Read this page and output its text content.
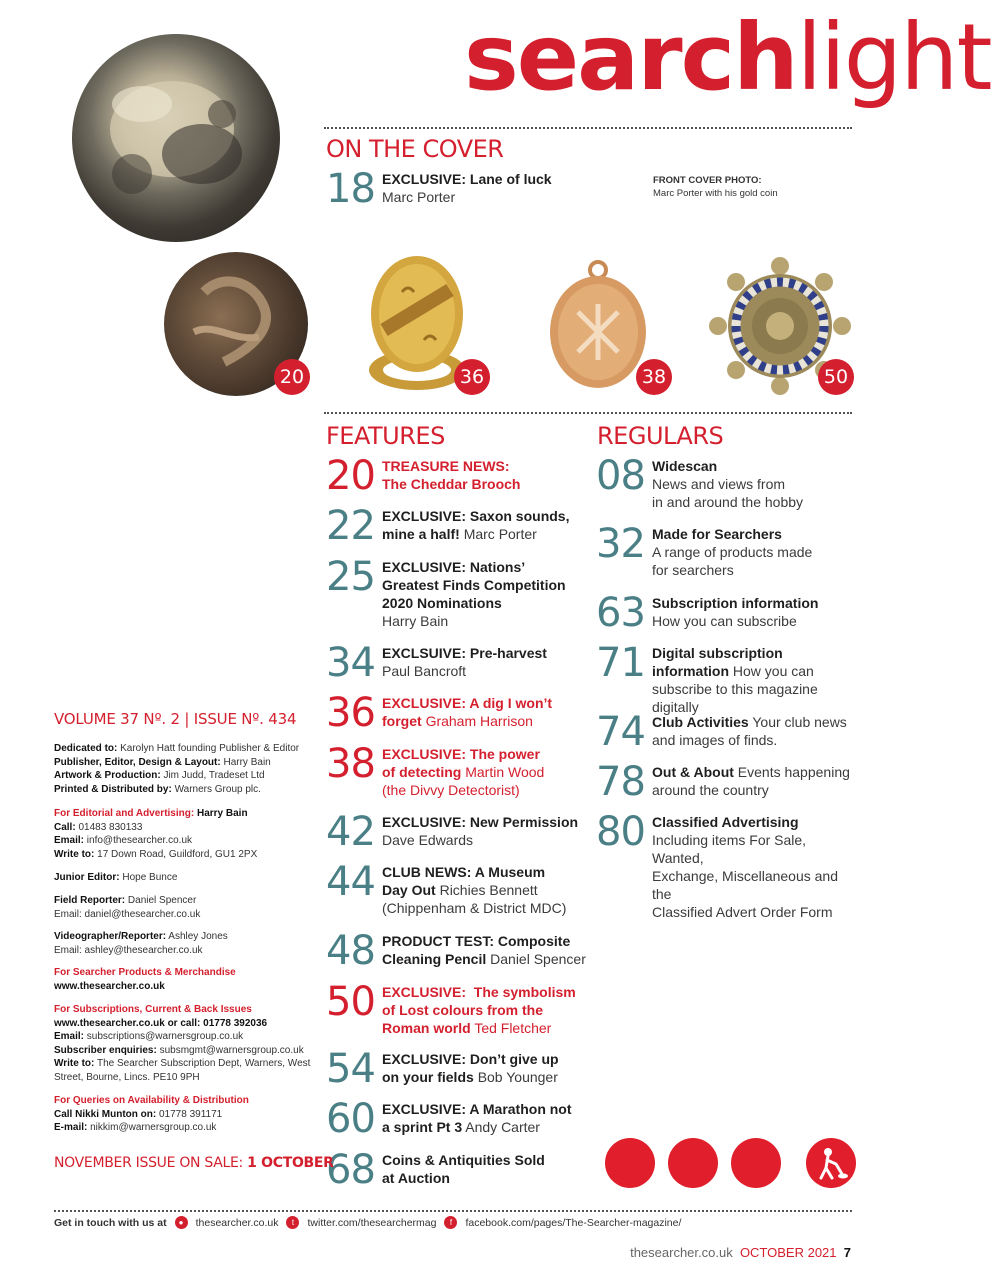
searchlight
ON THE COVER
18 EXCLUSIVE: Lane of luck
Marc Porter
FRONT COVER PHOTO:
Marc Porter with his gold coin
20	36	38	50
FEATURES
20 TREASURE NEWS:
The Cheddar Brooch
22 EXCLUSIVE: Saxon sounds,
mine a half! Marc Porter
25 EXCLUSIVE: Nations’
Greatest Finds Competition
2020 Nominations
Harry Bain
34 EXCLSUIVE: Pre-harvest
Paul Bancroft
36 EXCLUSIVE: A dig I won’t
forget Graham Harrison
38 EXCLUSIVE: The power
of detecting Martin Wood
(the Divvy Detectorist)
42 EXCLUSIVE: New Permission
Dave Edwards
44 CLUB NEWS: A Museum
Day Out Richies Bennett
(Chippenham & District MDC)
48 PRODUCT TEST: Composite
Cleaning Pencil Daniel Spencer
50 EXCLUSIVE:  The symbolism
of Lost colours from the
Roman world Ted Fletcher
54 EXCLUSIVE: Don’t give up
on your fields Bob Younger
60 EXCLUSIVE: A Marathon not
a sprint Pt 3 Andy Carter
68 Coins & Antiquities Sold
at Auction
REGULARS
08 Widescan
News and views from
in and around the hobby
32 Made for Searchers
A range of products made
for searchers
63 Subscription information
How you can subscribe
71 Digital subscription
information How you can
subscribe to this magazine digitally
74 Club Activities Your club news
and images of finds.
78 Out & About Events happening
around the country
80 Classified Advertising
Including items For Sale, Wanted,
Exchange, Miscellaneous and the
Classified Advert Order Form
VOLUME 37 Nº. 2 | ISSUE Nº. 434
Dedicated to: Karolyn Hatt founding Publisher & Editor
Publisher, Editor, Design & Layout: Harry Bain
Artwork & Production: Jim Judd, Tradeset Ltd
Printed & Distributed by: Warners Group plc.
For Editorial and Advertising: Harry Bain
Call: 01483 830133
Email: info@thesearcher.co.uk
Write to: 17 Down Road, Guildford, GU1 2PX
Junior Editor: Hope Bunce
Field Reporter: Daniel Spencer
Email: daniel@thesearcher.co.uk
Videographer/Reporter: Ashley Jones
Email: ashley@thesearcher.co.uk
For Searcher Products & Merchandise
www.thesearcher.co.uk
For Subscriptions, Current & Back Issues
www.thesearcher.co.uk or call: 01778 392036
Email: subscriptions@warnersgroup.co.uk
Subscriber enquiries: subsmgmt@warnersgroup.co.uk
Write to: The Searcher Subscription Dept, Warners, West Street, Bourne, Lincs. PE10 9PH
For Queries on Availability & Distribution
Call Nikki Munton on: 01778 391171
E-mail: nikkim@warnersgroup.co.uk
NOVEMBER ISSUE ON SALE: 1 OCTOBER
Get in touch with us at	●	thesearcher.co.uk	t	twitter.com/thesearchermag	f	facebook.com/pages/The-Searcher-magazine/
thesearcher.co.uk OCTOBER 2021 7
